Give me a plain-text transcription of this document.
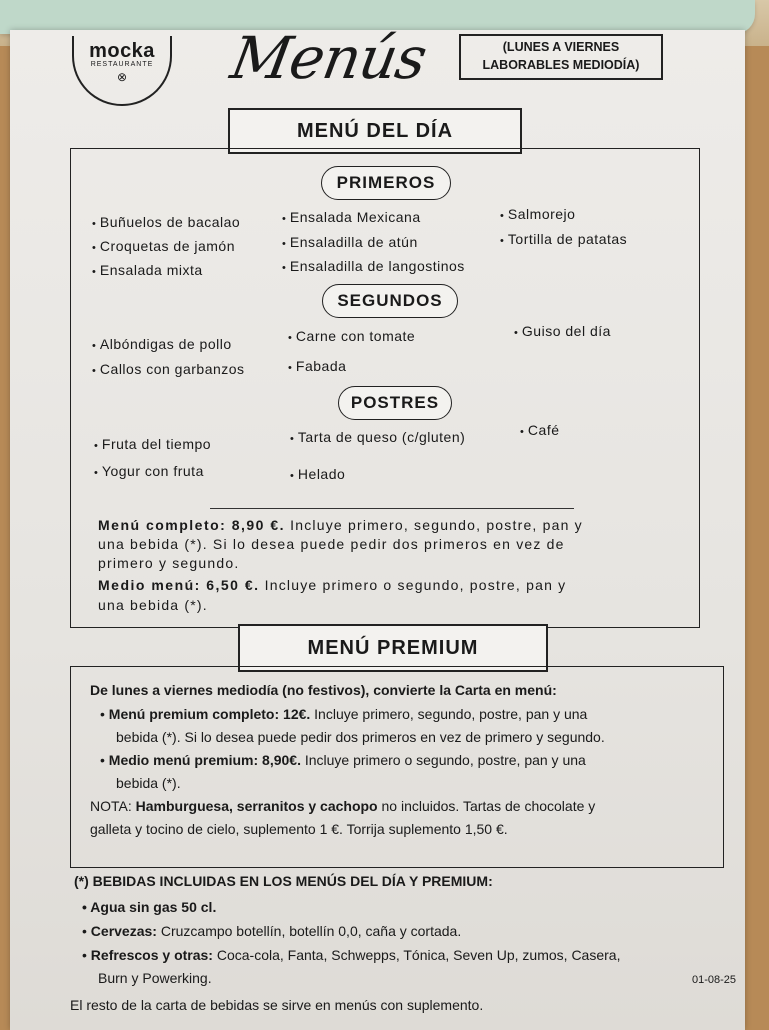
mocka
RESTAURANTE
⊗	Menús	(LUNES A VIERNES
LABORABLES MEDIODÍA)
MENÚ DEL DÍA
PRIMEROS
• Buñuelos de bacalao
• Croquetas de jamón
• Ensalada mixta
• Ensalada Mexicana
• Ensaladilla de atún
• Ensaladilla de langostinos
• Salmorejo
• Tortilla de patatas
SEGUNDOS
• Albóndigas de pollo
• Callos con garbanzos
• Carne con tomate
• Fabada
• Guiso del día
POSTRES
• Fruta del tiempo
• Yogur con fruta
• Tarta de queso (c/gluten)
• Helado
• Café
Menú completo: 8,90 €. Incluye primero, segundo, postre, pan y
una bebida (*). Si lo desea puede pedir dos primeros en vez de
primero y segundo.
Medio menú: 6,50 €. Incluye primero o segundo, postre, pan y
una bebida (*).
MENÚ PREMIUM
De lunes a viernes mediodía (no festivos), convierte la Carta en menú:
• Menú premium completo: 12€. Incluye primero, segundo, postre, pan y una
bebida (*). Si lo desea puede pedir dos primeros en vez de primero y segundo.
• Medio menú premium: 8,90€. Incluye primero o segundo, postre, pan y una
bebida (*).
NOTA: Hamburguesa, serranitos y cachopo no incluidos. Tartas de chocolate y
galleta y tocino de cielo, suplemento 1 €. Torrija suplemento 1,50 €.
(*) BEBIDAS INCLUIDAS EN LOS MENÚS DEL DÍA Y PREMIUM:
• Agua sin gas 50 cl.
• Cervezas: Cruzcampo botellín, botellín 0,0, caña y cortada.
• Refrescos y otras: Coca-cola, Fanta, Schwepps, Tónica, Seven Up, zumos, Casera,
Burn y Powerking.
El resto de la carta de bebidas se sirve en menús con suplemento.
01-08-25
